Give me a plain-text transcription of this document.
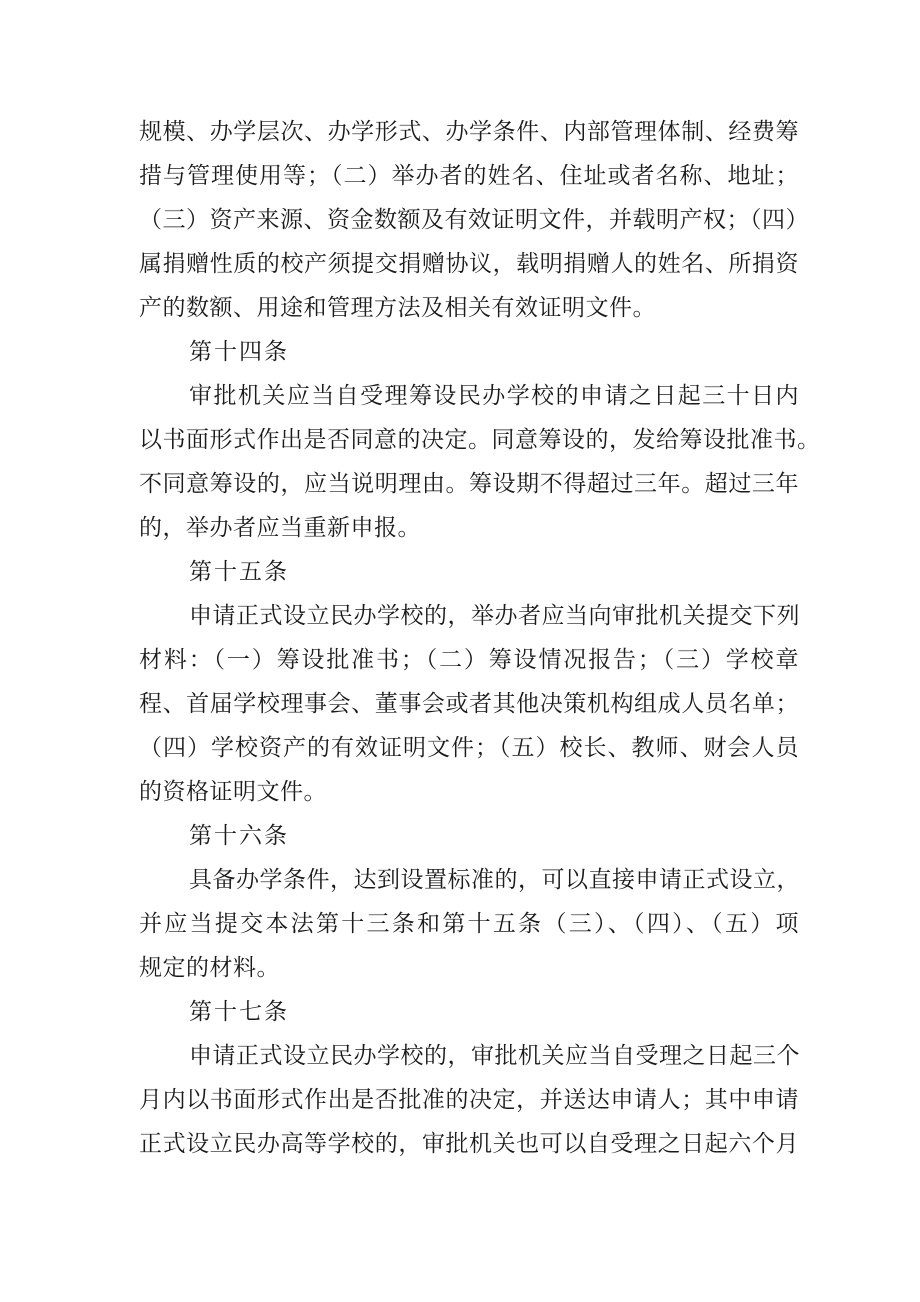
规模、办学层次、办学形式、办学条件、内部管理体制、经费筹
措与管理使用等；（二）举办者的姓名、住址或者名称、地址；
（三）资产来源、资金数额及有效证明文件，并载明产权；（四）
属捐赠性质的校产须提交捐赠协议，载明捐赠人的姓名、所捐资
产的数额、用途和管理方法及相关有效证明文件。
第十四条
审批机关应当自受理筹设民办学校的申请之日起三十日内
以书面形式作出是否同意的决定。同意筹设的，发给筹设批准书。
不同意筹设的，应当说明理由。筹设期不得超过三年。超过三年
的，举办者应当重新申报。
第十五条
申请正式设立民办学校的，举办者应当向审批机关提交下列
材料：（一）筹设批准书；（二）筹设情况报告；（三）学校章
程、首届学校理事会、董事会或者其他决策机构组成人员名单；
（四）学校资产的有效证明文件；（五）校长、教师、财会人员
的资格证明文件。
第十六条
具备办学条件，达到设置标准的，可以直接申请正式设立，
并应当提交本法第十三条和第十五条（三）、（四）、（五）项
规定的材料。
第十七条
申请正式设立民办学校的，审批机关应当自受理之日起三个
月内以书面形式作出是否批准的决定，并送达申请人；其中申请
正式设立民办高等学校的，审批机关也可以自受理之日起六个月
